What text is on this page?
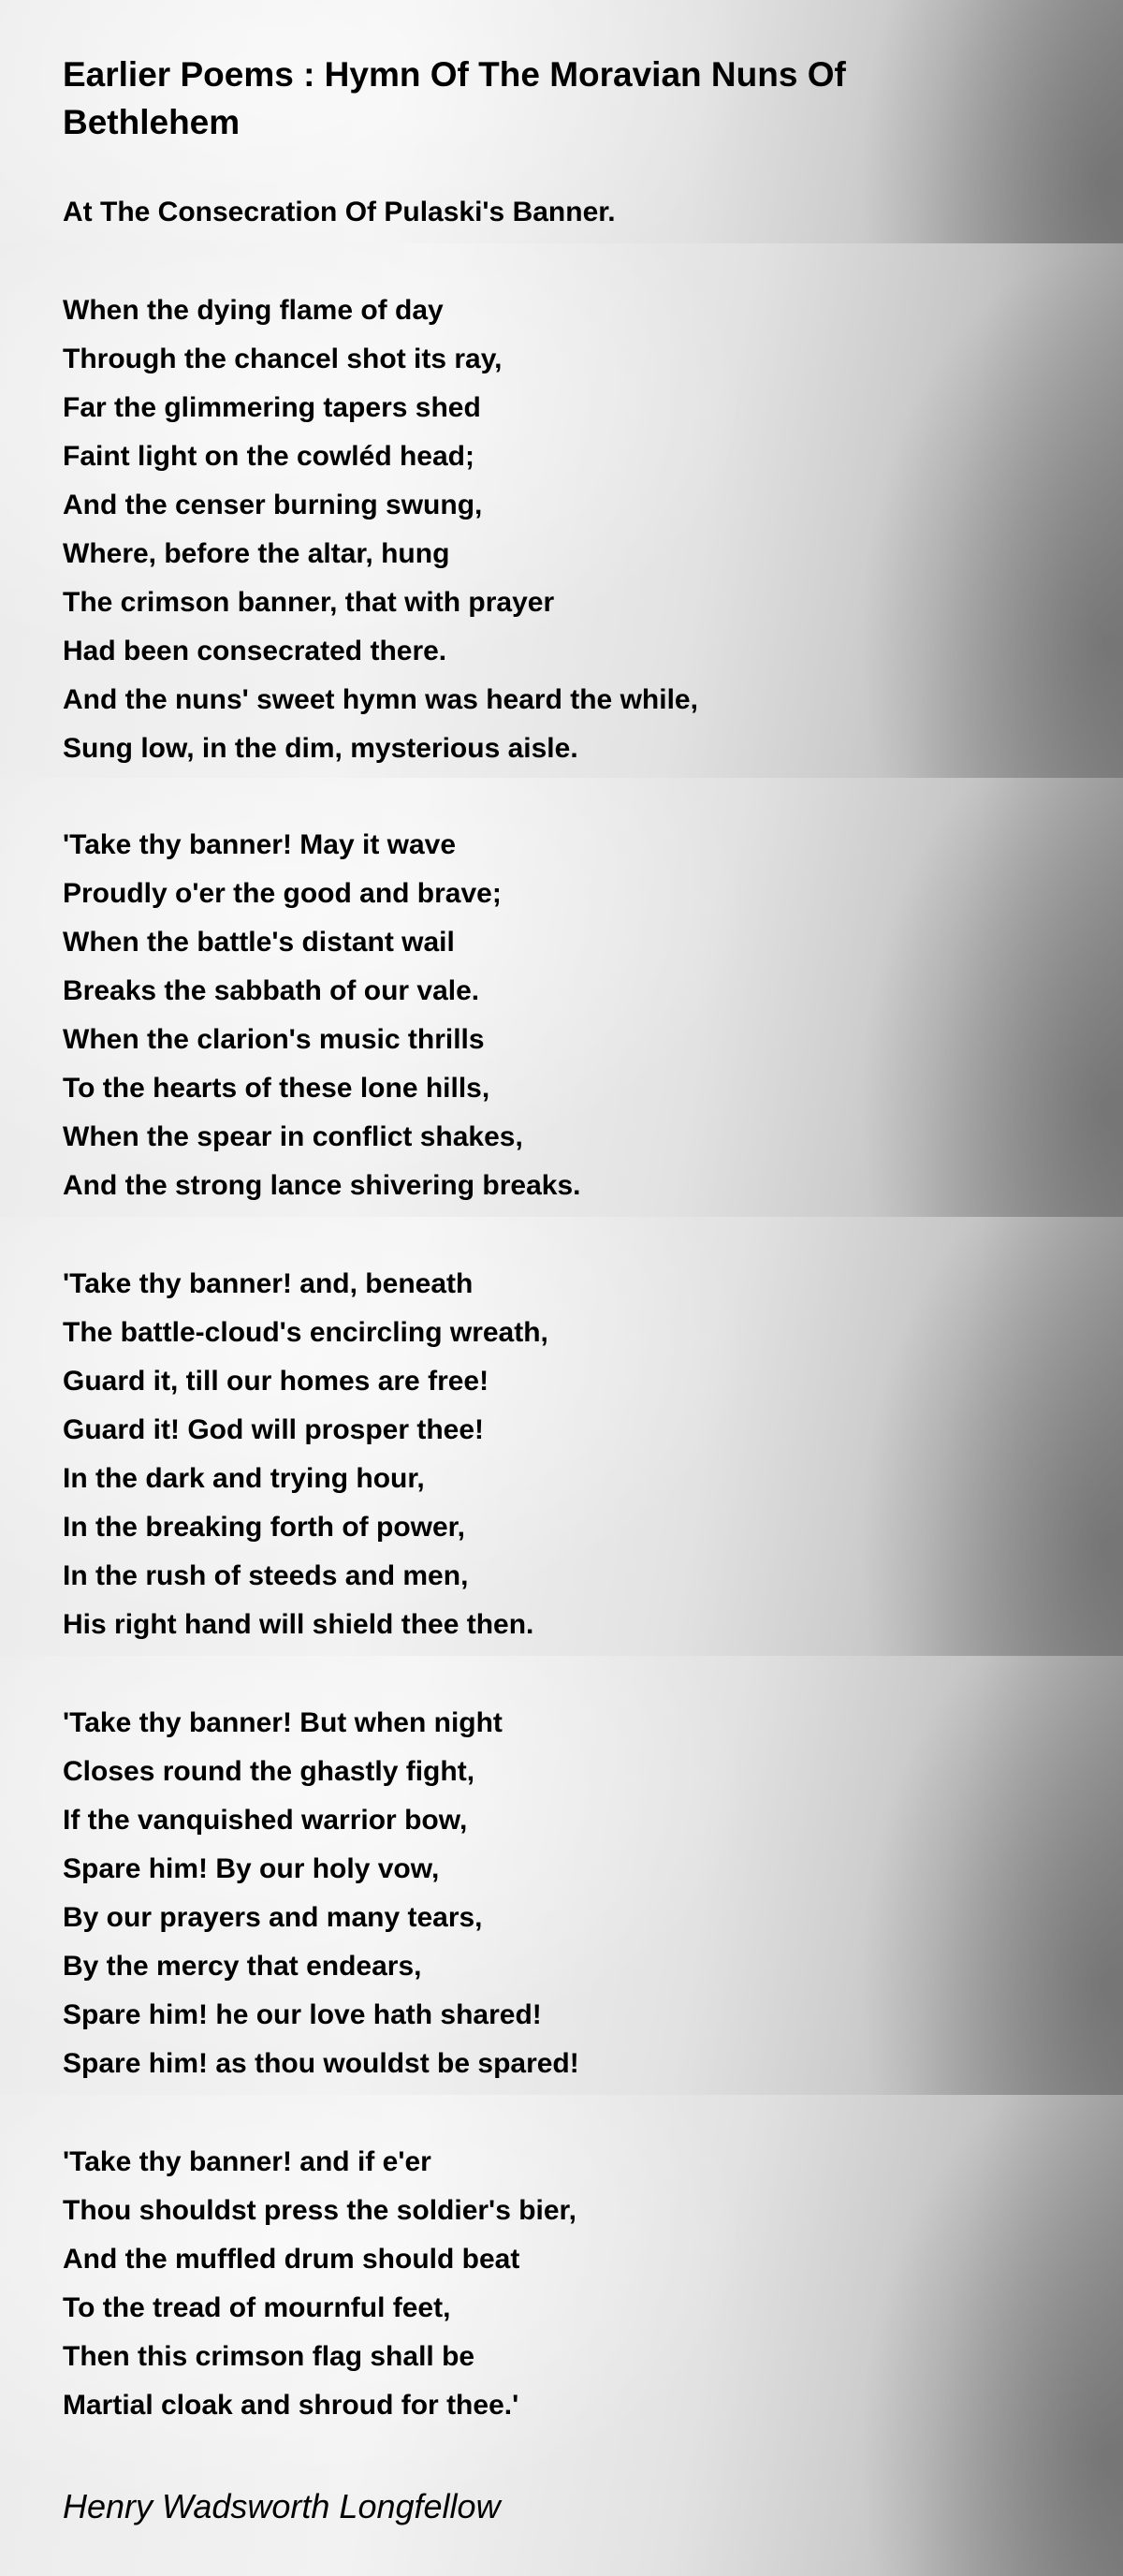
Earlier Poems : Hymn Of The Moravian Nuns Of Bethlehem

At The Consecration Of Pulaski's Banner.

When the dying flame of day
Through the chancel shot its ray,
Far the glimmering tapers shed
Faint light on the cowléd head;
And the censer burning swung,
Where, before the altar, hung
The crimson banner, that with prayer
Had been consecrated there.
And the nuns' sweet hymn was heard the while,
Sung low, in the dim, mysterious aisle.
'Take thy banner! May it wave
Proudly o'er the good and brave;
When the battle's distant wail
Breaks the sabbath of our vale.
When the clarion's music thrills
To the hearts of these lone hills,
When the spear in conflict shakes,
And the strong lance shivering breaks.
'Take thy banner! and, beneath
The battle-cloud's encircling wreath,
Guard it, till our homes are free!
Guard it! God will prosper thee!
In the dark and trying hour,
In the breaking forth of power,
In the rush of steeds and men,
His right hand will shield thee then.
'Take thy banner! But when night
Closes round the ghastly fight,
If the vanquished warrior bow,
Spare him! By our holy vow,
By our prayers and many tears,
By the mercy that endears,
Spare him! he our love hath shared!
Spare him! as thou wouldst be spared!
'Take thy banner! and if e'er
Thou shouldst press the soldier's bier,
And the muffled drum should beat
To the tread of mournful feet,
Then this crimson flag shall be
Martial cloak and shroud for thee.'
Henry Wadsworth Longfellow
